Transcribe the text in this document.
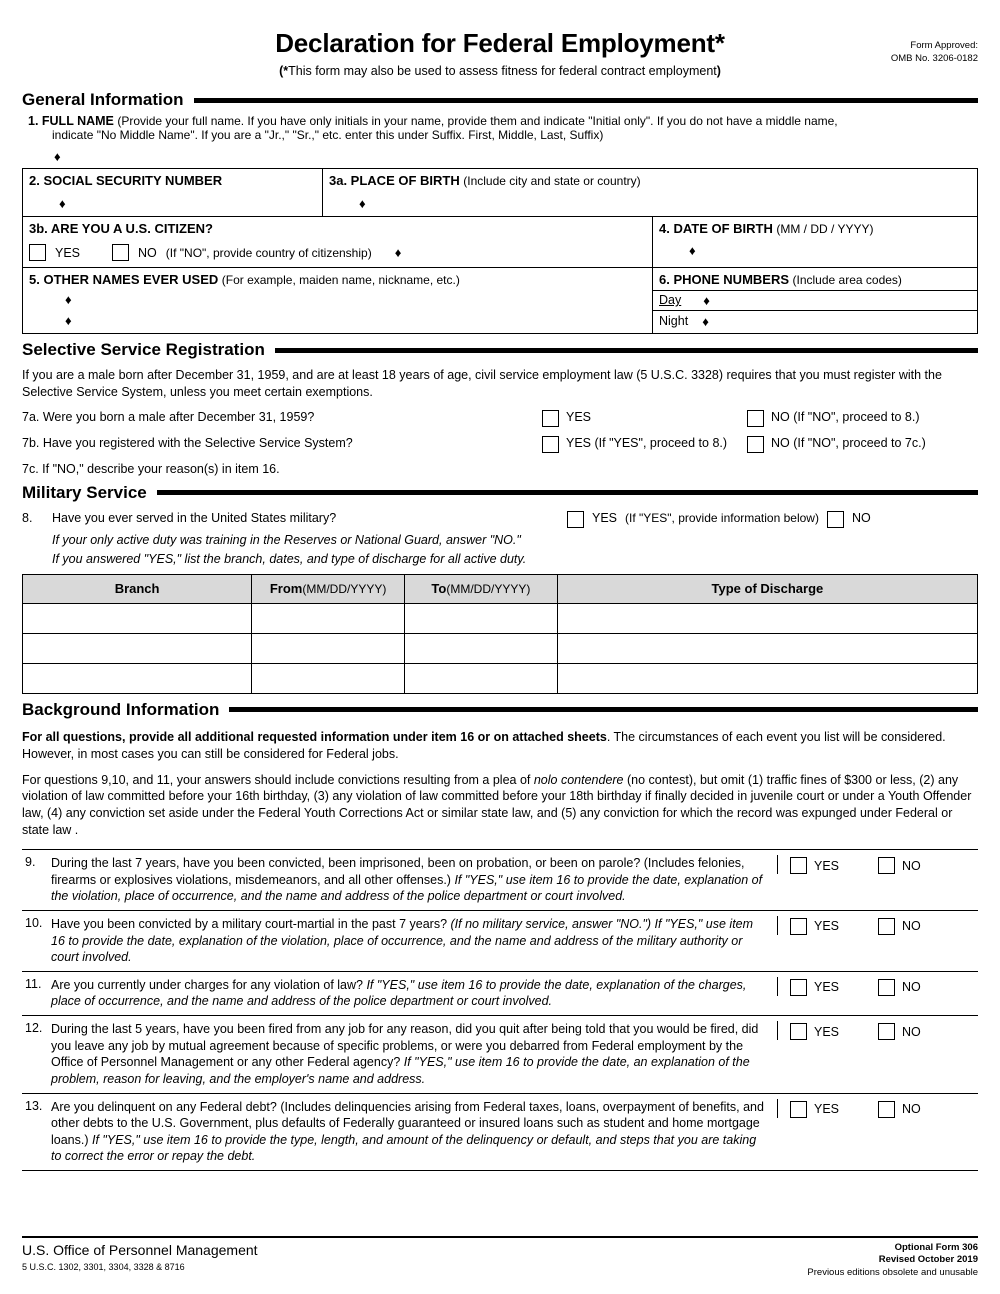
Declaration for Federal Employment*
(*This form may also be used to assess fitness for federal contract employment)
Form Approved:
OMB No. 3206-0182
General Information
1. FULL NAME (Provide your full name. If you have only initials in your name, provide them and indicate "Initial only". If you do not have a middle name,
indicate "No Middle Name". If you are a "Jr.," "Sr.," etc. enter this under Suffix. First, Middle, Last, Suffix)
♦
2. SOCIAL SECURITY NUMBER
♦
3a. PLACE OF BIRTH (Include city and state or country)
♦
3b. ARE YOU A U.S. CITIZEN?
YES	NO (If "NO", provide country of citizenship) ♦
4. DATE OF BIRTH (MM / DD / YYYY)
♦
5. OTHER NAMES EVER USED (For example, maiden name, nickname, etc.)
♦
♦
6. PHONE NUMBERS (Include area codes)
Day ♦
Night ♦
Selective Service Registration
If you are a male born after December 31, 1959, and are at least 18 years of age, civil service employment law (5 U.S.C. 3328) requires that you must register with the Selective Service System, unless you meet certain exemptions.
7a. Were you born a male after December 31, 1959?	YES	NO (If "NO", proceed to 8.)
7b. Have you registered with the Selective Service System?	YES (If "YES", proceed to 8.)	NO (If "NO", proceed to 7c.)
7c. If "NO," describe your reason(s) in item 16.
Military Service
8.	Have you ever served in the United States military?	YES (If "YES", provide information below)	NO
If your only active duty was training in the Reserves or National Guard, answer "NO."
If you answered "YES," list the branch, dates, and type of discharge for all active duty.
Branch	From(MM/DD/YYYY)	To(MM/DD/YYYY)	Type of Discharge

Background Information
For all questions, provide all additional requested information under item 16 or on attached sheets. The circumstances of each event you list will be considered. However, in most cases you can still be considered for Federal jobs.
For questions 9,10, and 11, your answers should include convictions resulting from a plea of nolo contendere (no contest), but omit (1) traffic fines of $300 or less, (2) any violation of law committed before your 16th birthday, (3) any violation of law committed before your 18th birthday if finally decided in juvenile court or under a Youth Offender law, (4) any conviction set aside under the Federal Youth Corrections Act or similar state law, and (5) any conviction for which the record was expunged under Federal or state law .
9.	During the last 7 years, have you been convicted, been imprisoned, been on probation, or been on parole? (Includes felonies, firearms or explosives violations, misdemeanors, and all other offenses.) If "YES," use item 16 to provide the date, explanation of the violation, place of occurrence, and the name and address of the police department or court involved.
YES	NO
10. Have you been convicted by a military court-martial in the past 7 years? (If no military service, answer "NO.") If "YES," use item 16 to provide the date, explanation of the violation, place of occurrence, and the name and address of the military authority or court involved.
YES	NO
11. Are you currently under charges for any violation of law? If "YES," use item 16 to provide the date, explanation of the charges, place of occurrence, and the name and address of the police department or court involved.
YES	NO
12. During the last 5 years, have you been fired from any job for any reason, did you quit after being told that you would be fired, did you leave any job by mutual agreement because of specific problems, or were you debarred from Federal employment by the Office of Personnel Management or any other Federal agency? If "YES," use item 16 to provide the date, an explanation of the problem, reason for leaving, and the employer's name and address.
YES	NO
13. Are you delinquent on any Federal debt? (Includes delinquencies arising from Federal taxes, loans, overpayment of benefits, and other debts to the U.S. Government, plus defaults of Federally guaranteed or insured loans such as student and home mortgage loans.) If "YES," use item 16 to provide the type, length, and amount of the delinquency or default, and steps that you are taking to correct the error or repay the debt.
YES	NO
U.S. Office of Personnel Management
5 U.S.C. 1302, 3301, 3304, 3328 & 8716
Optional Form 306
Revised October 2019
Previous editions obsolete and unusable
